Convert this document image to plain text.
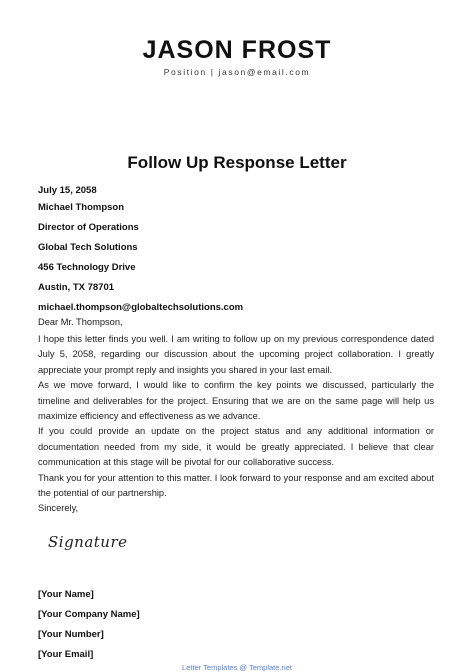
JASON FROST
Position | jason@email.com
Follow Up Response Letter
July 15, 2058
Michael Thompson
Director of Operations
Global Tech Solutions
456 Technology Drive
Austin, TX 78701
michael.thompson@globaltechsolutions.com
Dear Mr. Thompson,

I hope this letter finds you well. I am writing to follow up on my previous correspondence dated July 5, 2058, regarding our discussion about the upcoming project collaboration. I greatly appreciate your prompt reply and insights you shared in your last email.

As we move forward, I would like to confirm the key points we discussed, particularly the timeline and deliverables for the project. Ensuring that we are on the same page will help us maximize efficiency and effectiveness as we advance.

If you could provide an update on the project status and any additional information or documentation needed from my side, it would be greatly appreciated. I believe that clear communication at this stage will be pivotal for our collaborative success.

Thank you for your attention to this matter. I look forward to your response and am excited about the potential of our partnership.

Sincerely,
Signature
[Your Name]
[Your Company Name]
[Your Number]
[Your Email]
Letter Templates @ Template.net
